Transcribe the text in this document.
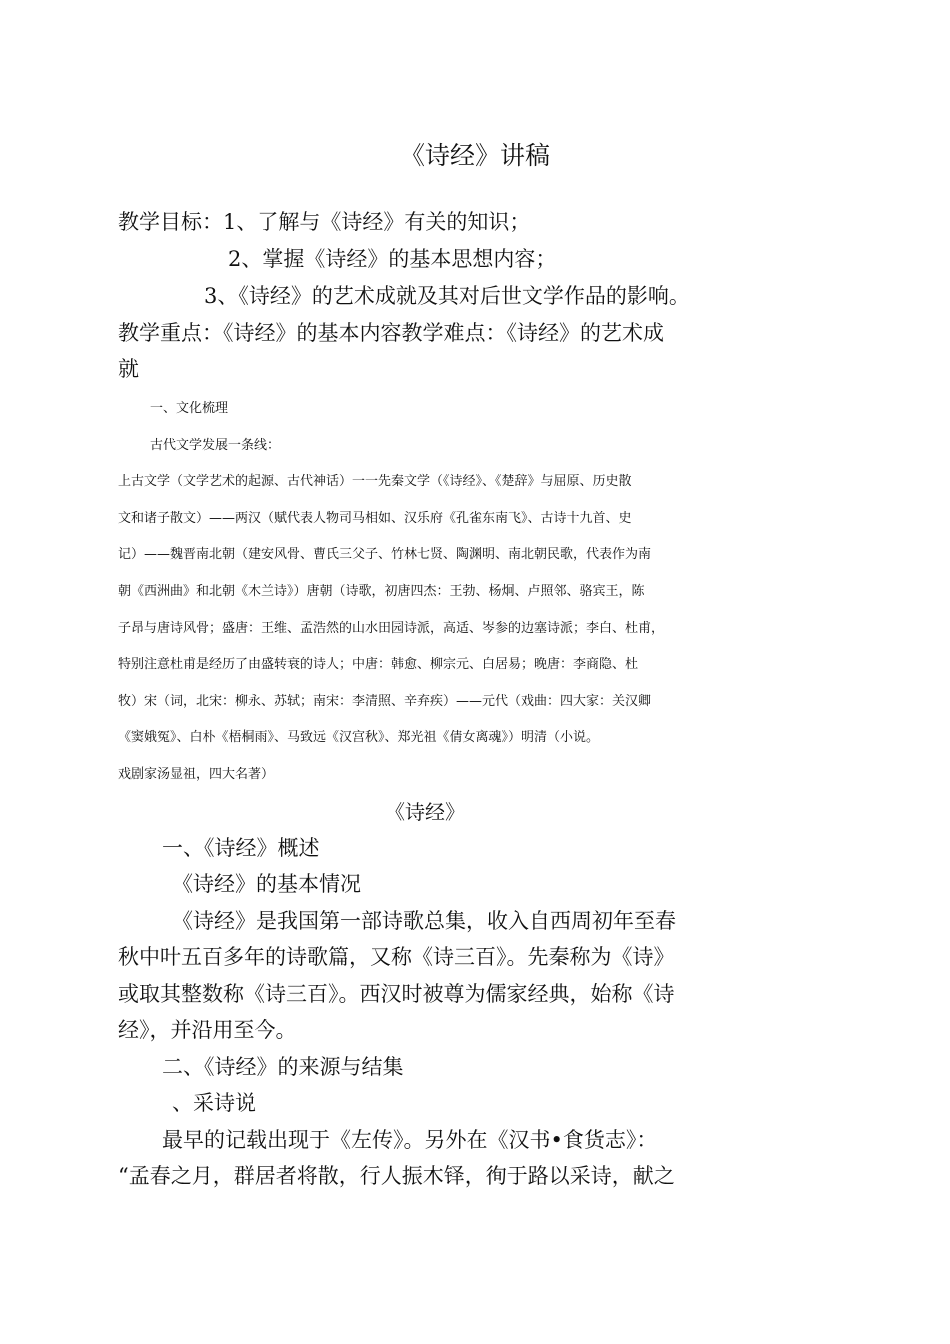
《诗经》讲稿
教学目标：1、了解与《诗经》有关的知识；
2、掌握《诗经》的基本思想内容；
3、《诗经》的艺术成就及其对后世文学作品的影响。
教学重点：《诗经》的基本内容教学难点：《诗经》的艺术成
就
一、文化梳理
古代文学发展一条线：
上古文学（文学艺术的起源、古代神话）一一先秦文学（《诗经》、《楚辞》与屈原、历史散
文和诸子散文）——两汉（赋代表人物司马相如、汉乐府《孔雀东南飞》、古诗十九首、史
记）——魏晋南北朝（建安风骨、曹氏三父子、竹林七贤、陶渊明、南北朝民歌，代表作为南
朝《西洲曲》和北朝《木兰诗》）唐朝（诗歌，初唐四杰：王勃、杨炯、卢照邻、骆宾王，陈
子昂与唐诗风骨；盛唐：王维、孟浩然的山水田园诗派，高适、岑参的边塞诗派；李白、杜甫，
特别注意杜甫是经历了由盛转衰的诗人；中唐：韩愈、柳宗元、白居易；晚唐：李商隐、杜
牧）宋（词，北宋：柳永、苏轼；南宋：李清照、辛弃疾）——元代（戏曲：四大家：关汉卿
《窦娥冤》、白朴《梧桐雨》、马致远《汉宫秋》、郑光祖《倩女离魂》）明清（小说。
戏剧家汤显祖，四大名著）
《诗经》
一、《诗经》概述
《诗经》的基本情况
《诗经》是我国第一部诗歌总集，收入自西周初年至春
秋中叶五百多年的诗歌篇，又称《诗三百》。先秦称为《诗》
或取其整数称《诗三百》。西汉时被尊为儒家经典，始称《诗
经》，并沿用至今。
二、《诗经》的来源与结集
、采诗说
最早的记载出现于《左传》。另外在《汉书•食货志》：
“孟春之月，群居者将散，行人振木铎，徇于路以采诗，献之
